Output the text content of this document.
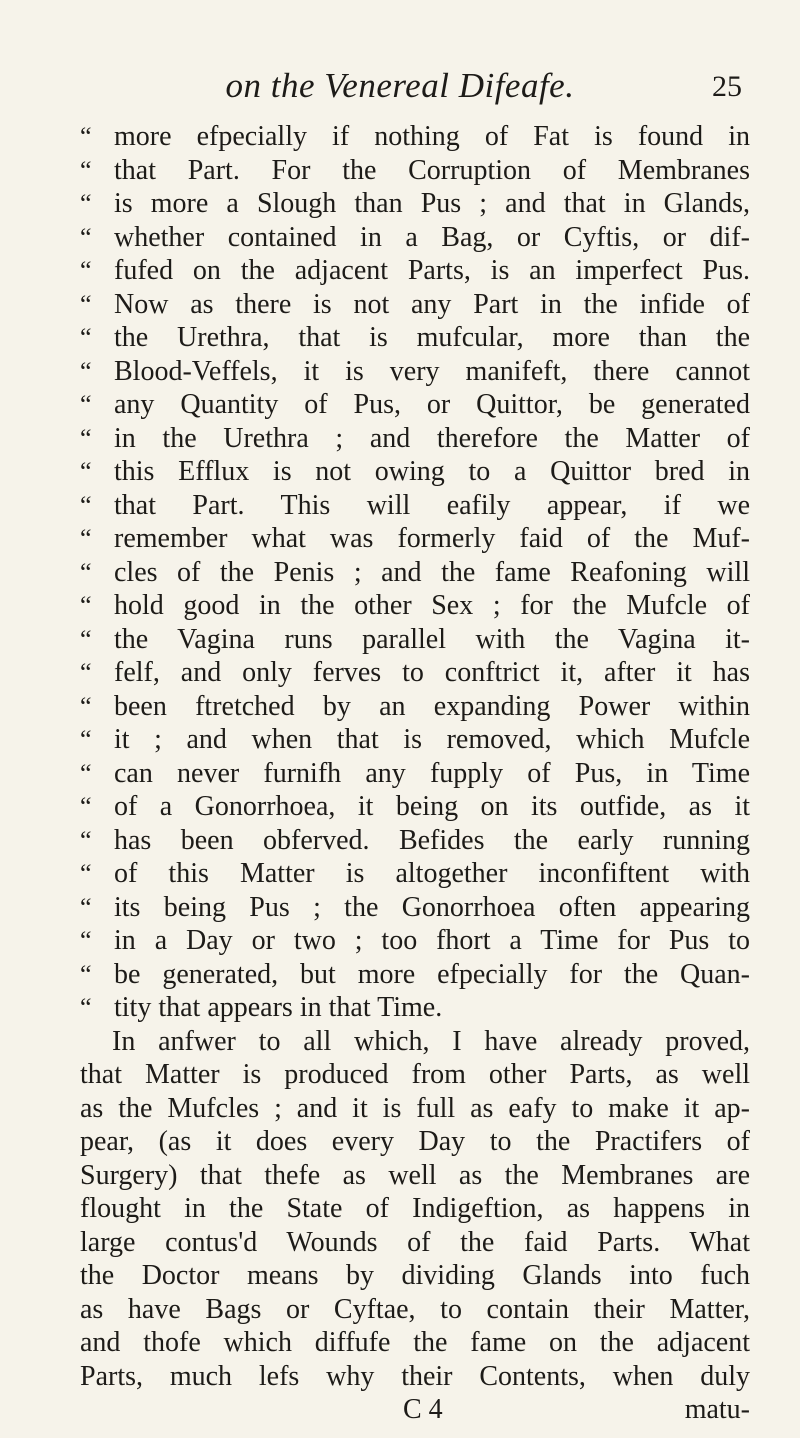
on the Venereal Difeafe.	25
“ more efpecially if nothing of Fat is found in
“ that Part. For the Corruption of Membranes
“ is more a Slough than Pus ; and that in Glands,
“ whether contained in a Bag, or Cyftis, or dif-
“ fufed on the adjacent Parts, is an imperfect Pus.
“ Now as there is not any Part in the infide of
“ the Urethra, that is mufcular, more than the
“ Blood-Veffels, it is very manifeft, there cannot
“ any Quantity of Pus, or Quittor, be generated
“ in the Urethra ; and therefore the Matter of
“ this Efflux is not owing to a Quittor bred in
“ that Part. This will eafily appear, if we
“ remember what was formerly faid of the Muf-
“ cles of the Penis ; and the fame Reafoning will
“ hold good in the other Sex ; for the Mufcle of
“ the Vagina runs parallel with the Vagina it-
“ felf, and only ferves to conftrict it, after it has
“ been ftretched by an expanding Power within
“ it ; and when that is removed, which Mufcle
“ can never furnifh any fupply of Pus, in Time
“ of a Gonorrhoea, it being on its outfide, as it
“ has been obferved. Befides the early running
“ of this Matter is altogether inconfiftent with
“ its being Pus ; the Gonorrhoea often appearing
“ in a Day or two ; too fhort a Time for Pus to
“ be generated, but more efpecially for the Quan-
“ tity that appears in that Time.
In anfwer to all which, I have already proved,
that Matter is produced from other Parts, as well
as the Mufcles ; and it is full as eafy to make it ap-
pear, (as it does every Day to the Practifers of
Surgery) that thefe as well as the Membranes are
flought in the State of Indigeftion, as happens in
large contus'd Wounds of the faid Parts. What
the Doctor means by dividing Glands into fuch
as have Bags or Cyftae, to contain their Matter,
and thofe which diffufe the fame on the adjacent
Parts, much lefs why their Contents, when duly
C 4	matu-
